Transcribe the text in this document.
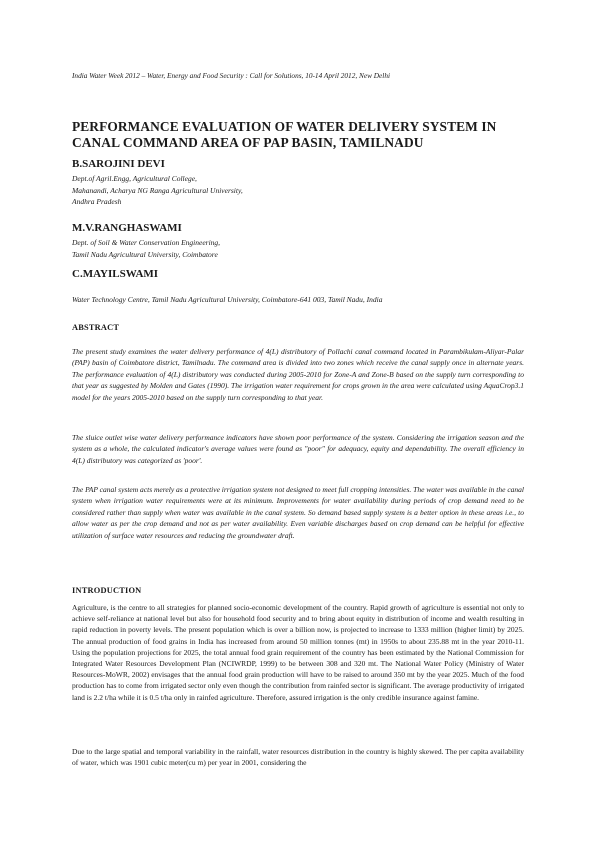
India Water Week 2012 – Water, Energy and Food Security : Call for Solutions, 10-14 April 2012, New Delhi
PERFORMANCE EVALUATION OF WATER DELIVERY SYSTEM IN CANAL COMMAND AREA OF PAP BASIN, TAMILNADU
B.SAROJINI DEVI
Dept.of Agril.Engg, Agricultural College,
Mahanandi, Acharya NG Ranga Agricultural University,
Andhra Pradesh
M.V.RANGHASWAMI
Dept. of Soil & Water Conservation Engineering,
Tamil Nadu Agricultural University, Coimbatore
C.MAYILSWAMI
Water Technology Centre, Tamil Nadu Agricultural University, Coimbatore-641 003, Tamil Nadu, India
ABSTRACT

The present study examines the water delivery performance of 4(L) distributory of Pollachi canal command located in Parambikulam-Aliyar-Palar (PAP) basin of Coimbatore district, Tamilnadu. The command area is divided into two zones which receive the canal supply once in alternate years. The performance evaluation of 4(L) distributory was conducted during 2005-2010 for Zone-A and Zone-B based on the supply turn corresponding to that year as suggested by Molden and Gates (1990). The irrigation water requirement for crops grown in the area were calculated using AquaCrop3.1 model for the years 2005-2010 based on the supply turn corresponding to that year.

The sluice outlet wise water delivery performance indicators have shown poor performance of the system. Considering the irrigation season and the system as a whole, the calculated indicator's average values were found as "poor" for adequacy, equity and dependability. The overall efficiency in 4(L) distributory was categorized as 'poor'.

The PAP canal system acts merely as a protective irrigation system not designed to meet full cropping intensities. The water was available in the canal system when irrigation water requirements were at its minimum. Improvements for water availability during periods of crop demand need to be considered rather than supply when water was available in the canal system. So demand based supply system is a better option in these areas i.e., to allow water as per the crop demand and not as per water availability. Even variable discharges based on crop demand can be helpful for effective utilization of surface water resources and reducing the groundwater draft.

INTRODUCTION

Agriculture, is the centre to all strategies for planned socio-economic development of the country. Rapid growth of agriculture is essential not only to achieve self-reliance at national level but also for household food security and to bring about equity in distribution of income and wealth resulting in rapid reduction in poverty levels. The present population which is over a billion now, is projected to increase to 1333 million (higher limit) by 2025. The annual production of food grains in India has increased from around 50 million tonnes (mt) in 1950s to about 235.88 mt in the year 2010-11. Using the population projections for 2025, the total annual food grain requirement of the country has been estimated by the National Commission for Integrated Water Resources Development Plan (NCIWRDP, 1999) to be between 308 and 320 mt. The National Water Policy (Ministry of Water Resources-MoWR, 2002) envisages that the annual food grain production will have to be raised to around 350 mt by the year 2025. Much of the food production has to come from irrigated sector only even though the contribution from rainfed sector is significant. The average productivity of irrigated land is 2.2 t/ha while it is 0.5 t/ha only in rainfed agriculture. Therefore, assured irrigation is the only credible insurance against famine.

Due to the large spatial and temporal variability in the rainfall, water resources distribution in the country is highly skewed. The per capita availability of water, which was 1901 cubic meter(cu m) per year in 2001, considering the
